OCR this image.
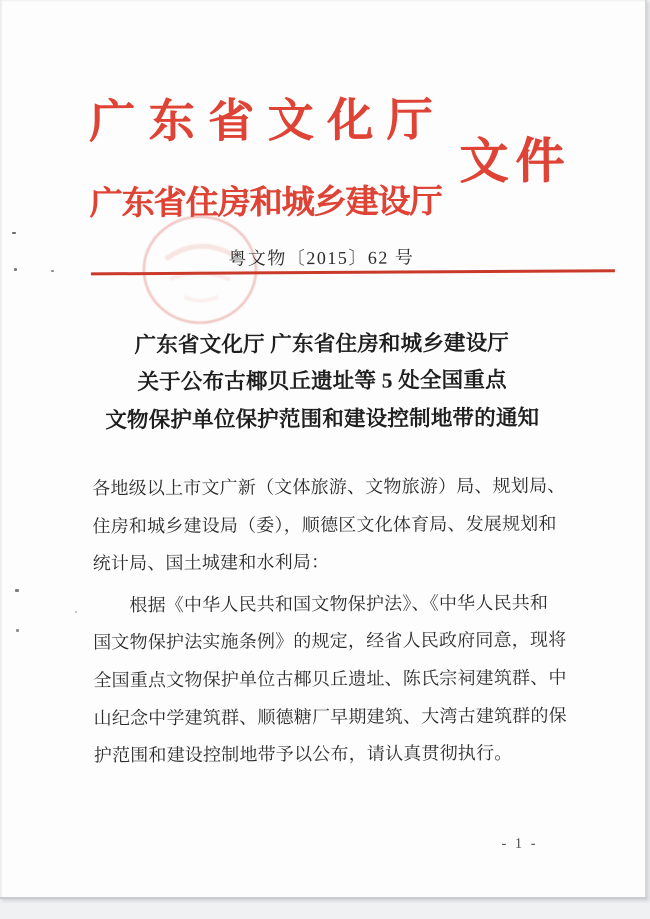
广 东 省 文 化 厅
文件
广东省住房和城乡建设厅
粤文物〔2015〕62 号
广东省文化厅 广东省住房和城乡建设厅
关于公布古椰贝丘遗址等 5 处全国重点
文物保护单位保护范围和建设控制地带的通知
各地级以上市文广新（文体旅游、文物旅游）局、规划局、
住房和城乡建设局（委），顺德区文化体育局、发展规划和
统计局、国土城建和水利局：
　　根据《中华人民共和国文物保护法》、《中华人民共和
国文物保护法实施条例》的规定，经省人民政府同意，现将
全国重点文物保护单位古椰贝丘遗址、陈氏宗祠建筑群、中
山纪念中学建筑群、顺德糖厂早期建筑、大湾古建筑群的保
护范围和建设控制地带予以公布，请认真贯彻执行。
- 1 -
